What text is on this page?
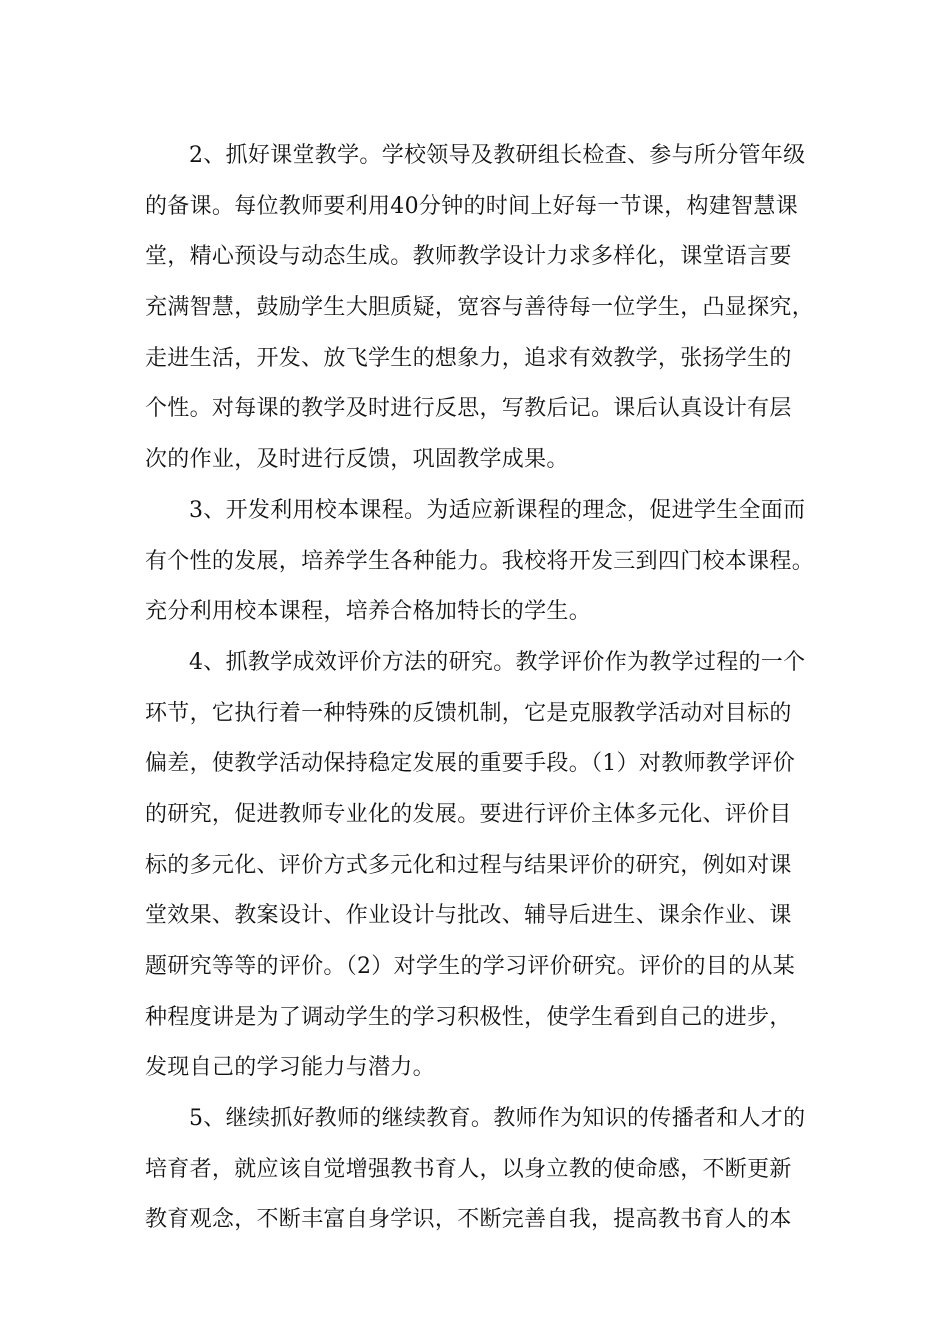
2、抓好课堂教学。学校领导及教研组长检查、参与所分管年级
的备课。每位教师要利用40分钟的时间上好每一节课，构建智慧课
堂，精心预设与动态生成。教师教学设计力求多样化，课堂语言要
充满智慧，鼓励学生大胆质疑，宽容与善待每一位学生，凸显探究，
走进生活，开发、放飞学生的想象力，追求有效教学，张扬学生的
个性。对每课的教学及时进行反思，写教后记。课后认真设计有层
次的作业，及时进行反馈，巩固教学成果。
3、开发利用校本课程。为适应新课程的理念，促进学生全面而
有个性的发展，培养学生各种能力。我校将开发三到四门校本课程。
充分利用校本课程，培养合格加特长的学生。
4、抓教学成效评价方法的研究。教学评价作为教学过程的一个
环节，它执行着一种特殊的反馈机制，它是克服教学活动对目标的
偏差，使教学活动保持稳定发展的重要手段。（1）对教师教学评价
的研究，促进教师专业化的发展。要进行评价主体多元化、评价目
标的多元化、评价方式多元化和过程与结果评价的研究，例如对课
堂效果、教案设计、作业设计与批改、辅导后进生、课余作业、课
题研究等等的评价。（2）对学生的学习评价研究。评价的目的从某
种程度讲是为了调动学生的学习积极性，使学生看到自己的进步，
发现自己的学习能力与潜力。
5、继续抓好教师的继续教育。教师作为知识的传播者和人才的
培育者，就应该自觉增强教书育人，以身立教的使命感，不断更新
教育观念，不断丰富自身学识，不断完善自我，提高教书育人的本
